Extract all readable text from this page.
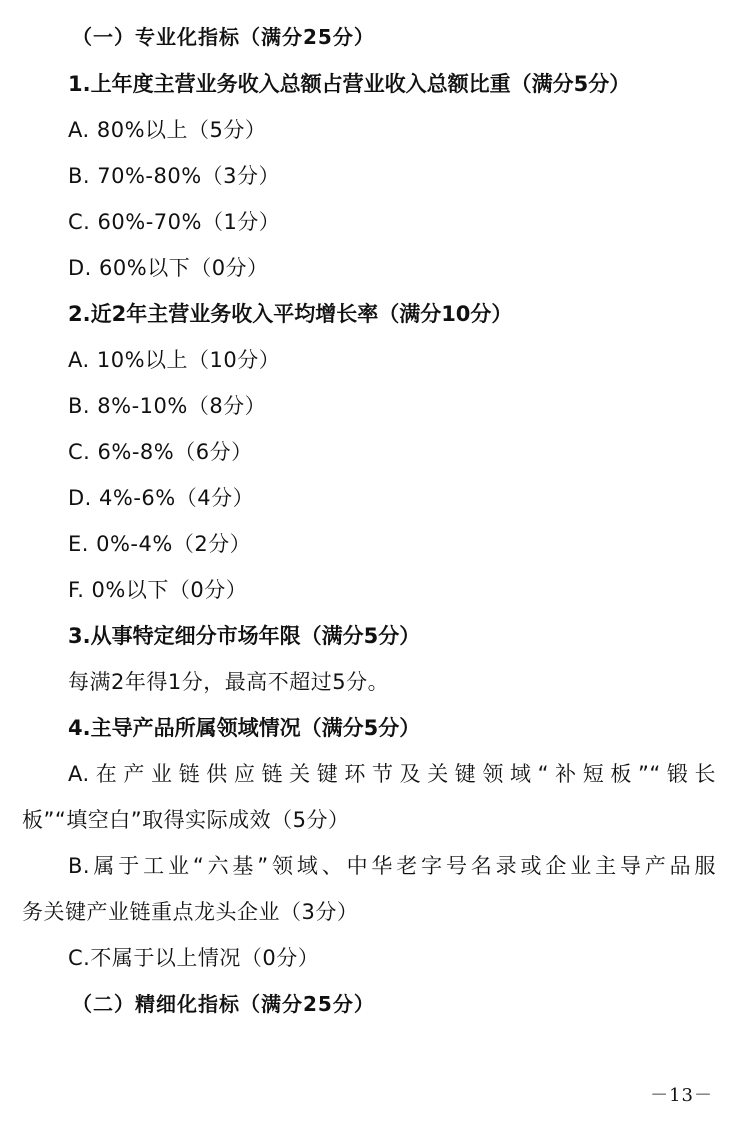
（一）专业化指标（满分25分）
1.上年度主营业务收入总额占营业收入总额比重（满分5分）
A. 80%以上（5分）
B. 70%-80%（3分）
C. 60%-70%（1分）
D. 60%以下（0分）
2.近2年主营业务收入平均增长率（满分10分）
A. 10%以上（10分）
B. 8%-10%（8分）
C. 6%-8%（6分）
D. 4%-6%（4分）
E. 0%-4%（2分）
F. 0%以下（0分）
3.从事特定细分市场年限（满分5分）
每满2年得1分，最高不超过5分。
4.主导产品所属领域情况（满分5分）
A.在产业链供应链关键环节及关键领域“补短板”“锻长
板”“填空白”取得实际成效（5分）
B.属于工业“六基”领域、中华老字号名录或企业主导产品服
务关键产业链重点龙头企业（3分）
C.不属于以上情况（0分）
（二）精细化指标（满分25分）
－13－
